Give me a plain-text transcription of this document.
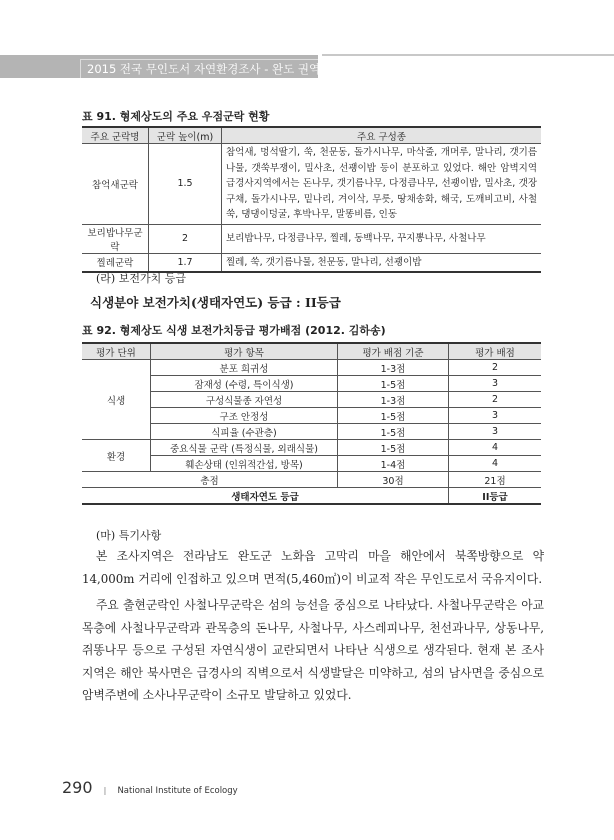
2015 전국 무인도서 자연환경조사 - 완도 권역
표 91. 형제상도의 주요 우점군락 현황
주요 군락명	군락 높이(m)	주요 구성종
참억새군락	1.5	참억새, 멍석딸기, 쑥, 천문동, 돌가시나무, 마삭줄, 개머루, 말나리, 갯기름나물, 갯쑥부쟁이, 밀사초, 선괭이밥 등이 분포하고 있었다. 해안 암벽지역 급경사지역에서는 돈나무, 갯기름나무, 다정큼나무, 선괭이밥, 밀사초, 갯장구채, 돌가시나무, 밑나리, 겨이삭, 무릇, 땅채송화, 해국, 도깨비고비, 사철쑥, 댕댕이덩굴, 후박나무, 말똥비름, 인동
보리밥나무군락	2	보리밥나무, 다정큼나무, 찔레, 동백나무, 꾸지뽕나무, 사철나무
찔레군락	1.7	찔레, 쑥, 갯기름나물, 천문동, 말나리, 선괭이밥
(라) 보전가치 등급
식생분야 보전가치(생태자연도) 등급 : II등급
표 92. 형제상도 식생 보전가치등급 평가배점 (2012. 김하송)
평가 단위	평가 항목	평가 배점 기준	평가 배점
식생	분포 희귀성	1-3점	2
	잠재성 (수령, 특이식생)	1-5점	3
	구성식물종 자연성	1-3점	2
	구조 안정성	1-5점	3
	식피율 (수관층)	1-5점	3
환경	중요식물 군락 (특정식물, 외래식물)	1-5점	4
	훼손상태 (인위적간섭, 방목)	1-4점	4
총점		30점	21점
생태자연도 등급			II등급
(마) 특기사항

본 조사지역은 전라남도 완도군 노화읍 고막리 마을 해안에서 북쪽방향으로 약 14,000m 거리에 인접하고 있으며 면적(5,460㎡)이 비교적 작은 무인도로서 국유지이다.

주요 출현군락인 사철나무군락은 섬의 능선을 중심으로 나타났다. 사철나무군락은 아교목층에 사철나무군락과 관목층의 돈나무, 사철나무, 사스레피나무, 천선과나무, 상동나무, 쥐똥나무 등으로 구성된 자연식생이 교란되면서 나타난 식생으로 생각된다. 현재 본 조사지역은 해안 북사면은 급경사의 직벽으로서 식생발달은 미약하고, 섬의 남사면을 중심으로 암벽주변에 소사나무군락이 소규모 발달하고 있었다.

290 | National Institute of Ecology
